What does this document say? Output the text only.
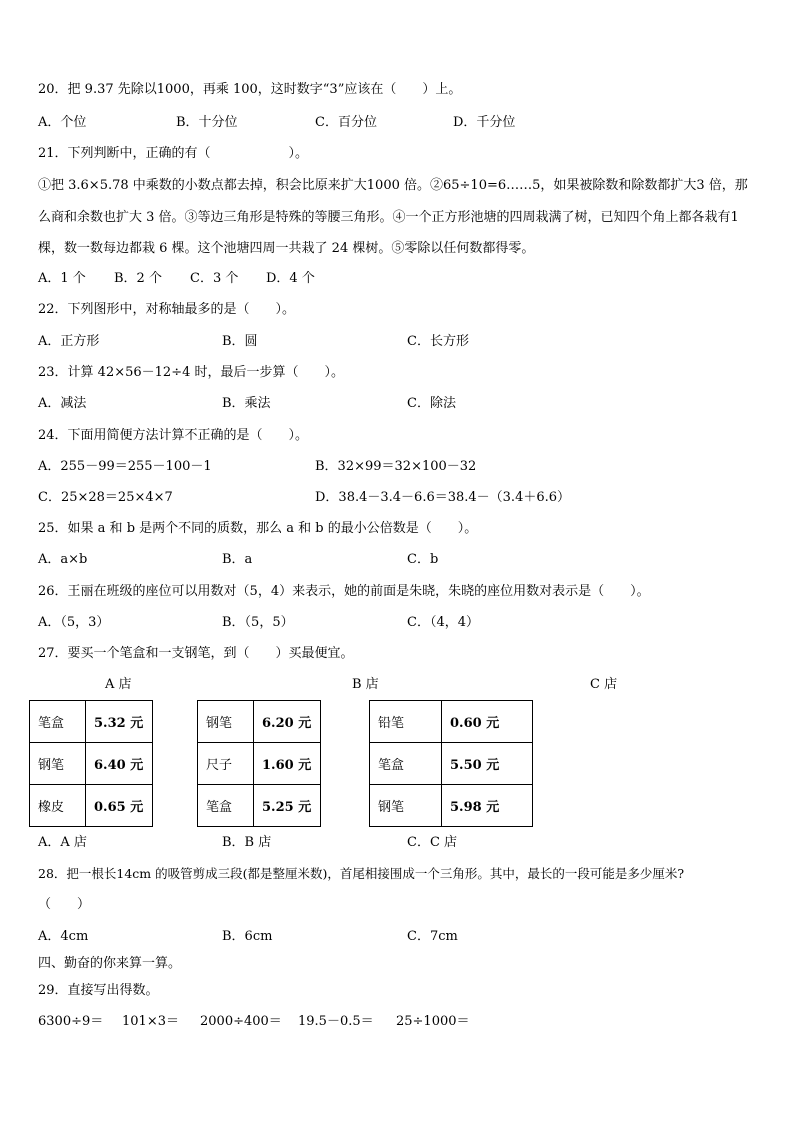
20．把 9.37 先除以1000，再乘 100，这时数字“3”应该在（　　）上。
A．个位	B．十分位	C．百分位	D．千分位
21．下列判断中，正确的有（　　　　　　）。
①把 3.6×5.78 中乘数的小数点都去掉，积会比原来扩大1000 倍。②65÷10=6……5，如果被除数和除数都扩大3 倍，那么商和余数也扩大 3 倍。③等边三角形是特殊的等腰三角形。④一个正方形池塘的四周栽满了树，已知四个角上都各栽有1 棵，数一数每边都栽 6 棵。这个池塘四周一共栽了 24 棵树。⑤零除以任何数都得零。
A．1 个 B．2 个 C．3 个 D．4 个
22．下列图形中，对称轴最多的是（　　）。
A．正方形	B．圆	C．长方形
23．计算 42×56－12÷4 时，最后一步算（　　）。
A．减法	B．乘法	C．除法
24．下面用简便方法计算不正确的是（　　）。
A．255－99＝255－100－1	B．32×99＝32×100－32
C．25×28＝25×4×7	D．38.4－3.4－6.6＝38.4－（3.4＋6.6）
25．如果 a 和 b 是两个不同的质数，那么 a 和 b 的最小公倍数是（　　）。
A．a×b	B．a	C．b
26．王丽在班级的座位可以用数对（5，4）来表示，她的前面是朱晓，朱晓的座位用数对表示是（　　）。
A．（5，3）	B．（5，5）	C．（4，4）
27．要买一个笔盒和一支钢笔，到（　　）买最便宜。
A 店	B 店	C 店
笔盒	5.32 元
钢笔	6.40 元
橡皮	0.65 元
钢笔	6.20 元
尺子	1.60 元
笔盒	5.25 元
铅笔	0.60 元
笔盒	5.50 元
钢笔	5.98 元
A．A 店	B．B 店	C．C 店
28．把一根长14cm 的吸管剪成三段(都是整厘米数)，首尾相接围成一个三角形。其中，最长的一段可能是多少厘米?
（　　）
A．4cm	B．6cm	C．7cm
四、勤奋的你来算一算。
29．直接写出得数。
6300÷9＝ 101×3＝ 2000÷400＝ 19.5－0.5＝ 25÷1000＝
